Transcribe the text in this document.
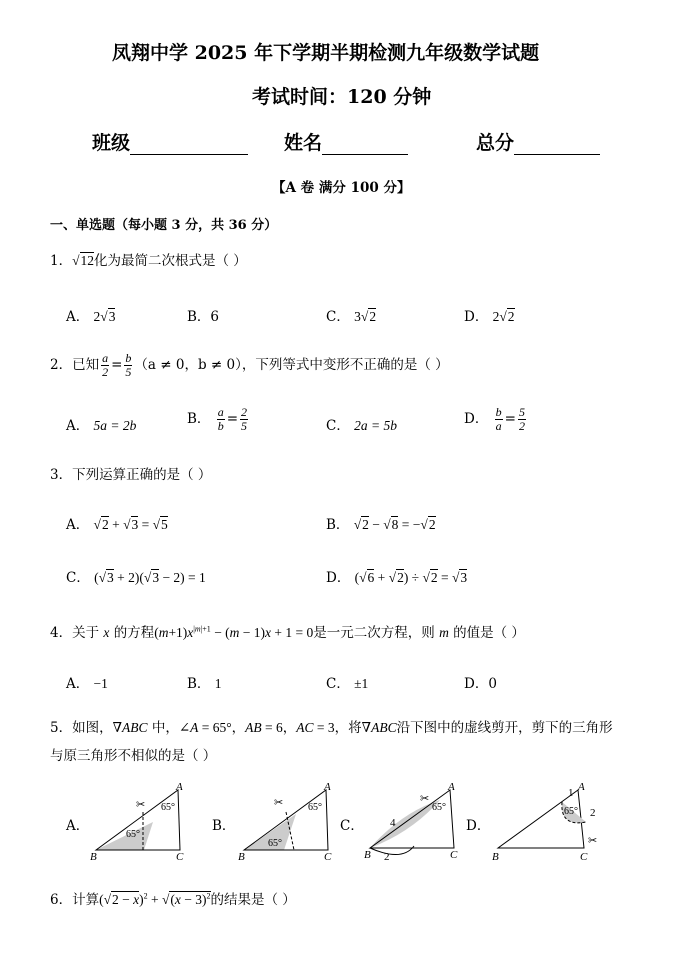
凤翔中学 2025 年下学期半期检测九年级数学试题
考试时间：120 分钟
班级	姓名	总分
【A 卷 满分 100 分】
一、单选题（每小题 3 分，共 36 分）
1．√12化为最简二次根式是（ ）
A． 2√3	B．6	C． 3√2	D． 2√2
2．已知 $\frac{a}{2} = \frac{b}{5} (a \ne 0$，b ≠ 0），下列等式中变形不正确的是（ ）
A． 5a = 2b	B． $\frac{a}{b} = \frac{2}{5}$	C． 2a = 5b	D． $\frac{b}{a} = \frac{5}{2}$
3．下列运算正确的是（ ）
A． √2 + √3 = √5	B． √2 − √8 = −√2
C． (√3 + 2)(√3 − 2) = 1	D． (√6 + √2) ÷ √2 = √3
4．关于 x 的方程$(m+1)x^{|m|+1} - (m - 1)x + 1 = 0$是一元二次方程，则 m 的值是（ ）
A． −1	B． 1	C． ±1	D．0
5．如图，∇ABC 中，∠A = 65°，AB = 6，AC = 3，将∇ABC沿下图中的虚线剪开，剪下的三角形
与原三角形不相似的是（ ）
A．	B．	C．	D．
B	C
A
65°
65°
✂
B	C
A
65°
65°
✂
B	C
A
65°
4
2
✂
B	C
A
1
2
65°
✂
6．计算$(√2 - x)^2 + √(x - 3)^2$的结果是（ ）
